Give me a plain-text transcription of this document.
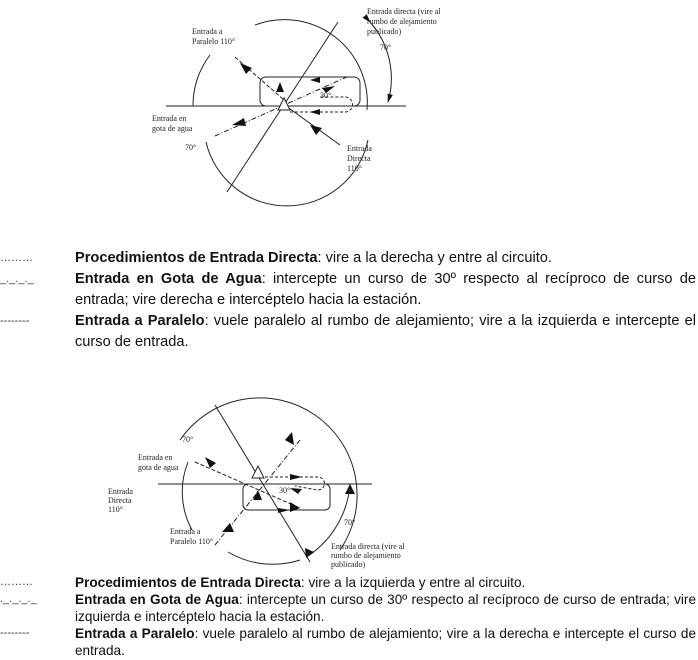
Entrada a
Paralelo 110°
Entrada directa (vire al
rumbo de alejamiento
publicado)
70°
30°
Entrada en
gota de agua
70°	Entrada
Directa
110°
………	Procedimientos de Entrada Directa: vire a la derecha y entre al circuito.
_._._._	Entrada en Gota de Agua: intercepte un curso de 30º respecto al recíproco de curso de entrada; vire derecha e intercéptelo hacia la estación.
--------	Entrada a Paralelo: vuele paralelo al rumbo de alejamiento; vire a la izquierda e intercepte el curso de entrada.
70°
Entrada en
gota de agua
Entrada
Directa
110°
30°
Entrada a
Paralelo 110°
70°
Entrada directa (vire al
rumbo de alejamiento
publicado)
………	Procedimientos de Entrada Directa: vire a la izquierda y entre al circuito.
._._._._	Entrada en Gota de Agua: intercepte un curso de 30º respecto al recíproco de curso de entrada; vire izquierda e intercéptelo hacia la estación.
--------	Entrada a Paralelo: vuele paralelo al rumbo de alejamiento; vire a la derecha e intercepte el curso de entrada.
